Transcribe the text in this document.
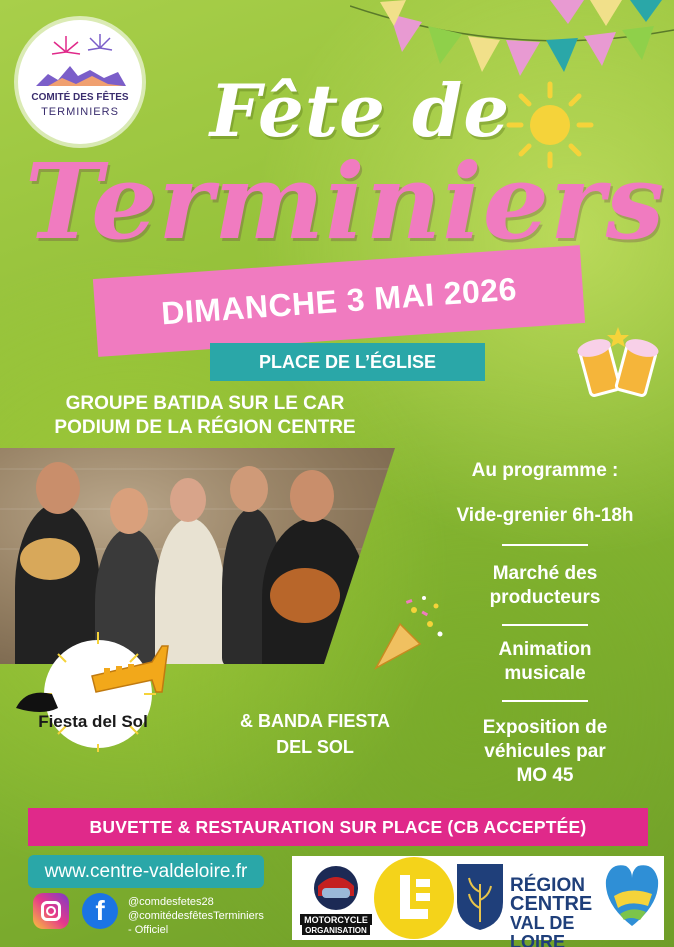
COMITÉ DES FÊTES
TERMINIERS	Fête de
Terminiers
DIMANCHE 3 MAI 2026
PLACE DE L’ÉGLISE
GROUPE BATIDA SUR LE CAR
PODIUM DE LA RÉGION CENTRE
Au programme :
Vide-grenier 6h-18h
Marché des
producteurs
Animation
musicale
Exposition de
véhicules par
MO 45
Fiesta del Sol	& BANDA FIESTA
DEL SOL
BUVETTE & RESTAURATION SUR PLACE (CB ACCEPTÉE)
www.centre-valdeloire.fr
f	@comdesfetes28
@comitédesfêtesTerminiers
- Officiel
MOTORCYCLE
ORGANISATION
RÉGION
CENTRE
VAL DE LOIRE
